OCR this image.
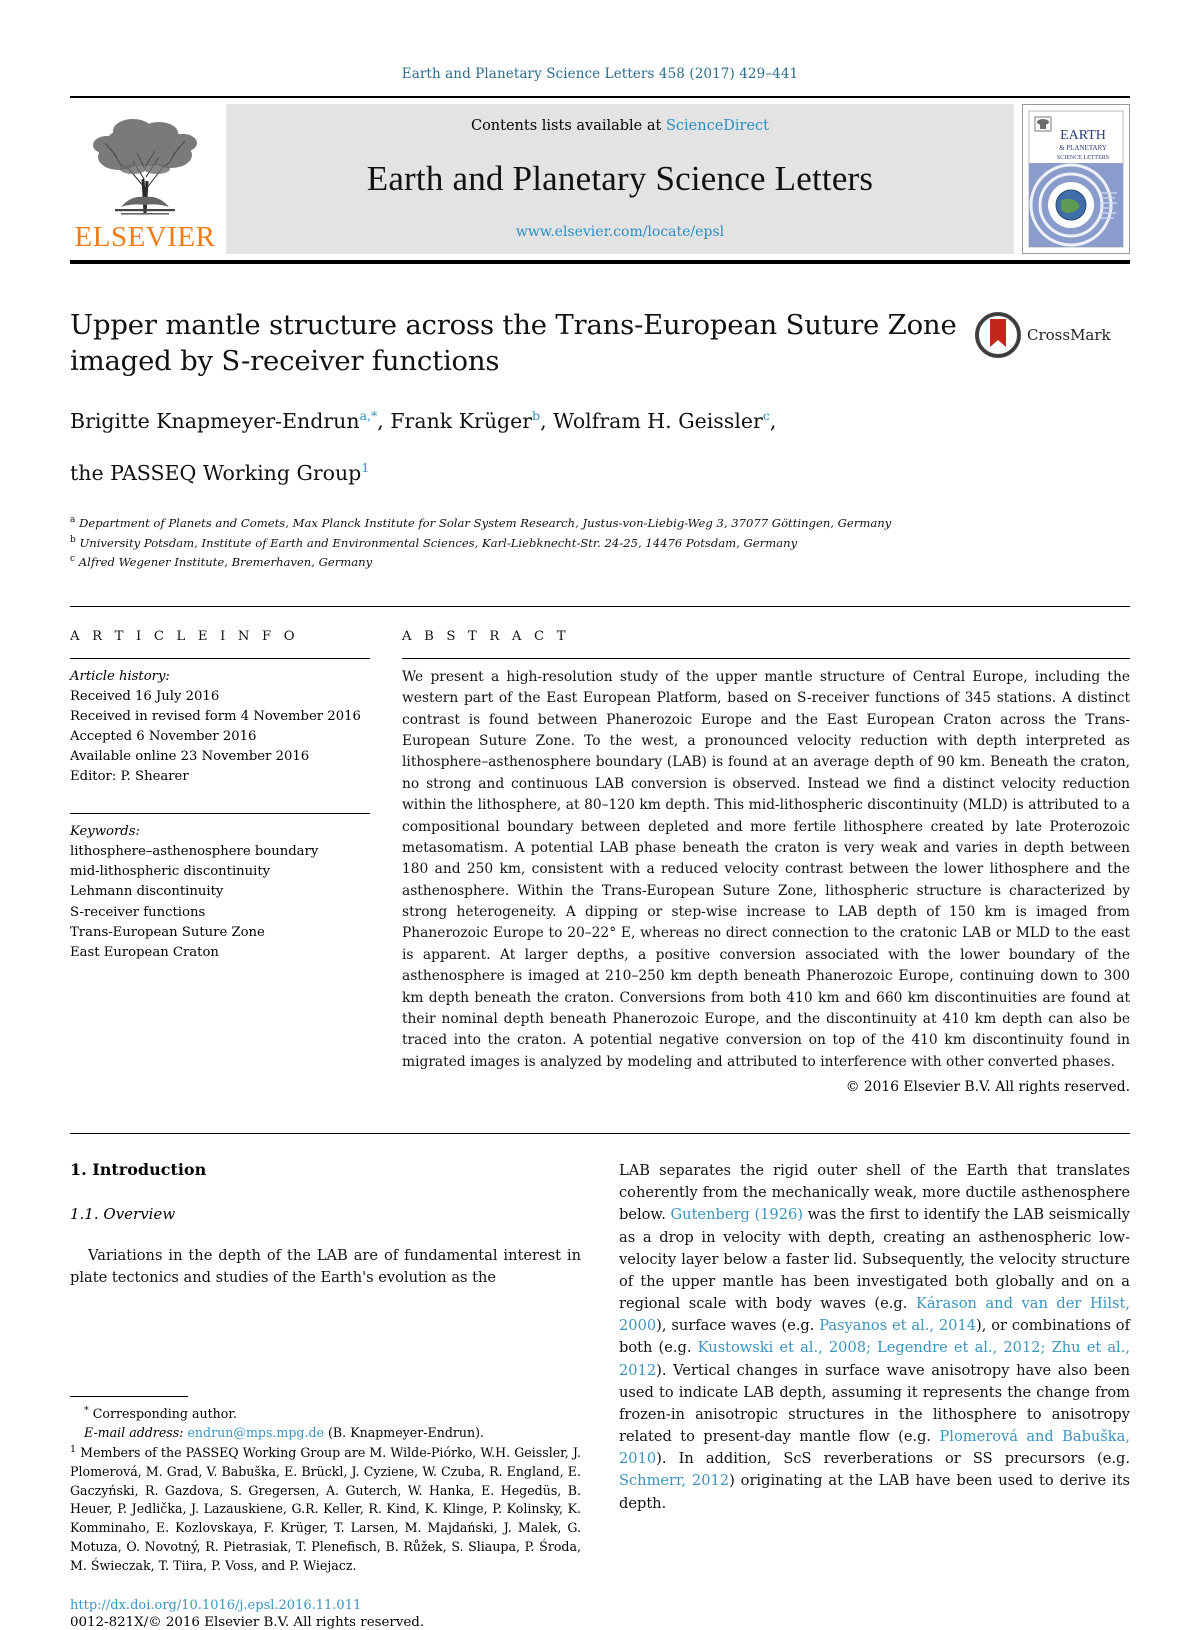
Earth and Planetary Science Letters 458 (2017) 429–441
ELSEVIER
Contents lists available at ScienceDirect
Earth and Planetary Science Letters
www.elsevier.com/locate/epsl
EARTH
& PLANETARY
SCIENCE LETTERS
Upper mantle structure across the Trans-European Suture Zone imaged by S-receiver functions
CrossMark
Brigitte Knapmeyer-Endrun$^{a,*}$, Frank Krüger$^b$, Wolfram H. Geissler$^c$,
the PASSEQ Working Group$^1$
$^a$ Department of Planets and Comets, Max Planck Institute for Solar System Research, Justus-von-Liebig-Weg 3, 37077 Göttingen, Germany
$^b$ University Potsdam, Institute of Earth and Environmental Sciences, Karl-Liebknecht-Str. 24-25, 14476 Potsdam, Germany
$^c$ Alfred Wegener Institute, Bremerhaven, Germany
A R T I C L E I N F O
Article history:
Received 16 July 2016
Received in revised form 4 November 2016
Accepted 6 November 2016
Available online 23 November 2016
Editor: P. Shearer
Keywords:
lithosphere–asthenosphere boundary
mid-lithospheric discontinuity
Lehmann discontinuity
S-receiver functions
Trans-European Suture Zone
East European Craton
A B S T R A C T
We present a high-resolution study of the upper mantle structure of Central Europe, including the western part of the East European Platform, based on S-receiver functions of 345 stations. A distinct contrast is found between Phanerozoic Europe and the East European Craton across the Trans-European Suture Zone. To the west, a pronounced velocity reduction with depth interpreted as lithosphere–asthenosphere boundary (LAB) is found at an average depth of 90 km. Beneath the craton, no strong and continuous LAB conversion is observed. Instead we find a distinct velocity reduction within the lithosphere, at 80–120 km depth. This mid-lithospheric discontinuity (MLD) is attributed to a compositional boundary between depleted and more fertile lithosphere created by late Proterozoic metasomatism. A potential LAB phase beneath the craton is very weak and varies in depth between 180 and 250 km, consistent with a reduced velocity contrast between the lower lithosphere and the asthenosphere. Within the Trans-European Suture Zone, lithospheric structure is characterized by strong heterogeneity. A dipping or step-wise increase to LAB depth of 150 km is imaged from Phanerozoic Europe to 20–22° E, whereas no direct connection to the cratonic LAB or MLD to the east is apparent. At larger depths, a positive conversion associated with the lower boundary of the asthenosphere is imaged at 210–250 km depth beneath Phanerozoic Europe, continuing down to 300 km depth beneath the craton. Conversions from both 410 km and 660 km discontinuities are found at their nominal depth beneath Phanerozoic Europe, and the discontinuity at 410 km depth can also be traced into the craton. A potential negative conversion on top of the 410 km discontinuity found in migrated images is analyzed by modeling and attributed to interference with other converted phases.
© 2016 Elsevier B.V. All rights reserved.
1. Introduction
1.1. Overview

Variations in the depth of the LAB are of fundamental interest in plate tectonics and studies of the Earth's evolution as the

* Corresponding author.

E-mail address: endrun@mps.mpg.de (B. Knapmeyer-Endrun).

$^1$ Members of the PASSEQ Working Group are M. Wilde-Piórko, W.H. Geissler, J. Plomerová, M. Grad, V. Babuška, E. Brückl, J. Cyziene, W. Czuba, R. England, E. Gaczyński, R. Gazdova, S. Gregersen, A. Guterch, W. Hanka, E. Hegedüs, B. Heuer, P. Jedlička, J. Lazauskiene, G.R. Keller, R. Kind, K. Klinge, P. Kolinsky, K. Komminaho, E. Kozlovskaya, F. Krüger, T. Larsen, M. Majdański, J. Malek, G. Motuza, O. Novotný, R. Pietrasiak, T. Plenefisch, B. Růžek, S. Sliaupa, P. Środa, M. Świeczak, T. Tiira, P. Voss, and P. Wiejacz.

http://dx.doi.org/10.1016/j.epsl.2016.11.011
0012-821X/© 2016 Elsevier B.V. All rights reserved.

LAB separates the rigid outer shell of the Earth that translates coherently from the mechanically weak, more ductile asthenosphere below. Gutenberg (1926) was the first to identify the LAB seismically as a drop in velocity with depth, creating an asthenospheric low-velocity layer below a faster lid. Subsequently, the velocity structure of the upper mantle has been investigated both globally and on a regional scale with body waves (e.g. Kárason and van der Hilst, 2000), surface waves (e.g. Pasyanos et al., 2014), or combinations of both (e.g. Kustowski et al., 2008; Legendre et al., 2012; Zhu et al., 2012). Vertical changes in surface wave anisotropy have also been used to indicate LAB depth, assuming it represents the change from frozen-in anisotropic structures in the lithosphere to anisotropy related to present-day mantle flow (e.g. Plomerová and Babuška, 2010). In addition, ScS reverberations or SS precursors (e.g. Schmerr, 2012) originating at the LAB have been used to derive its depth.
